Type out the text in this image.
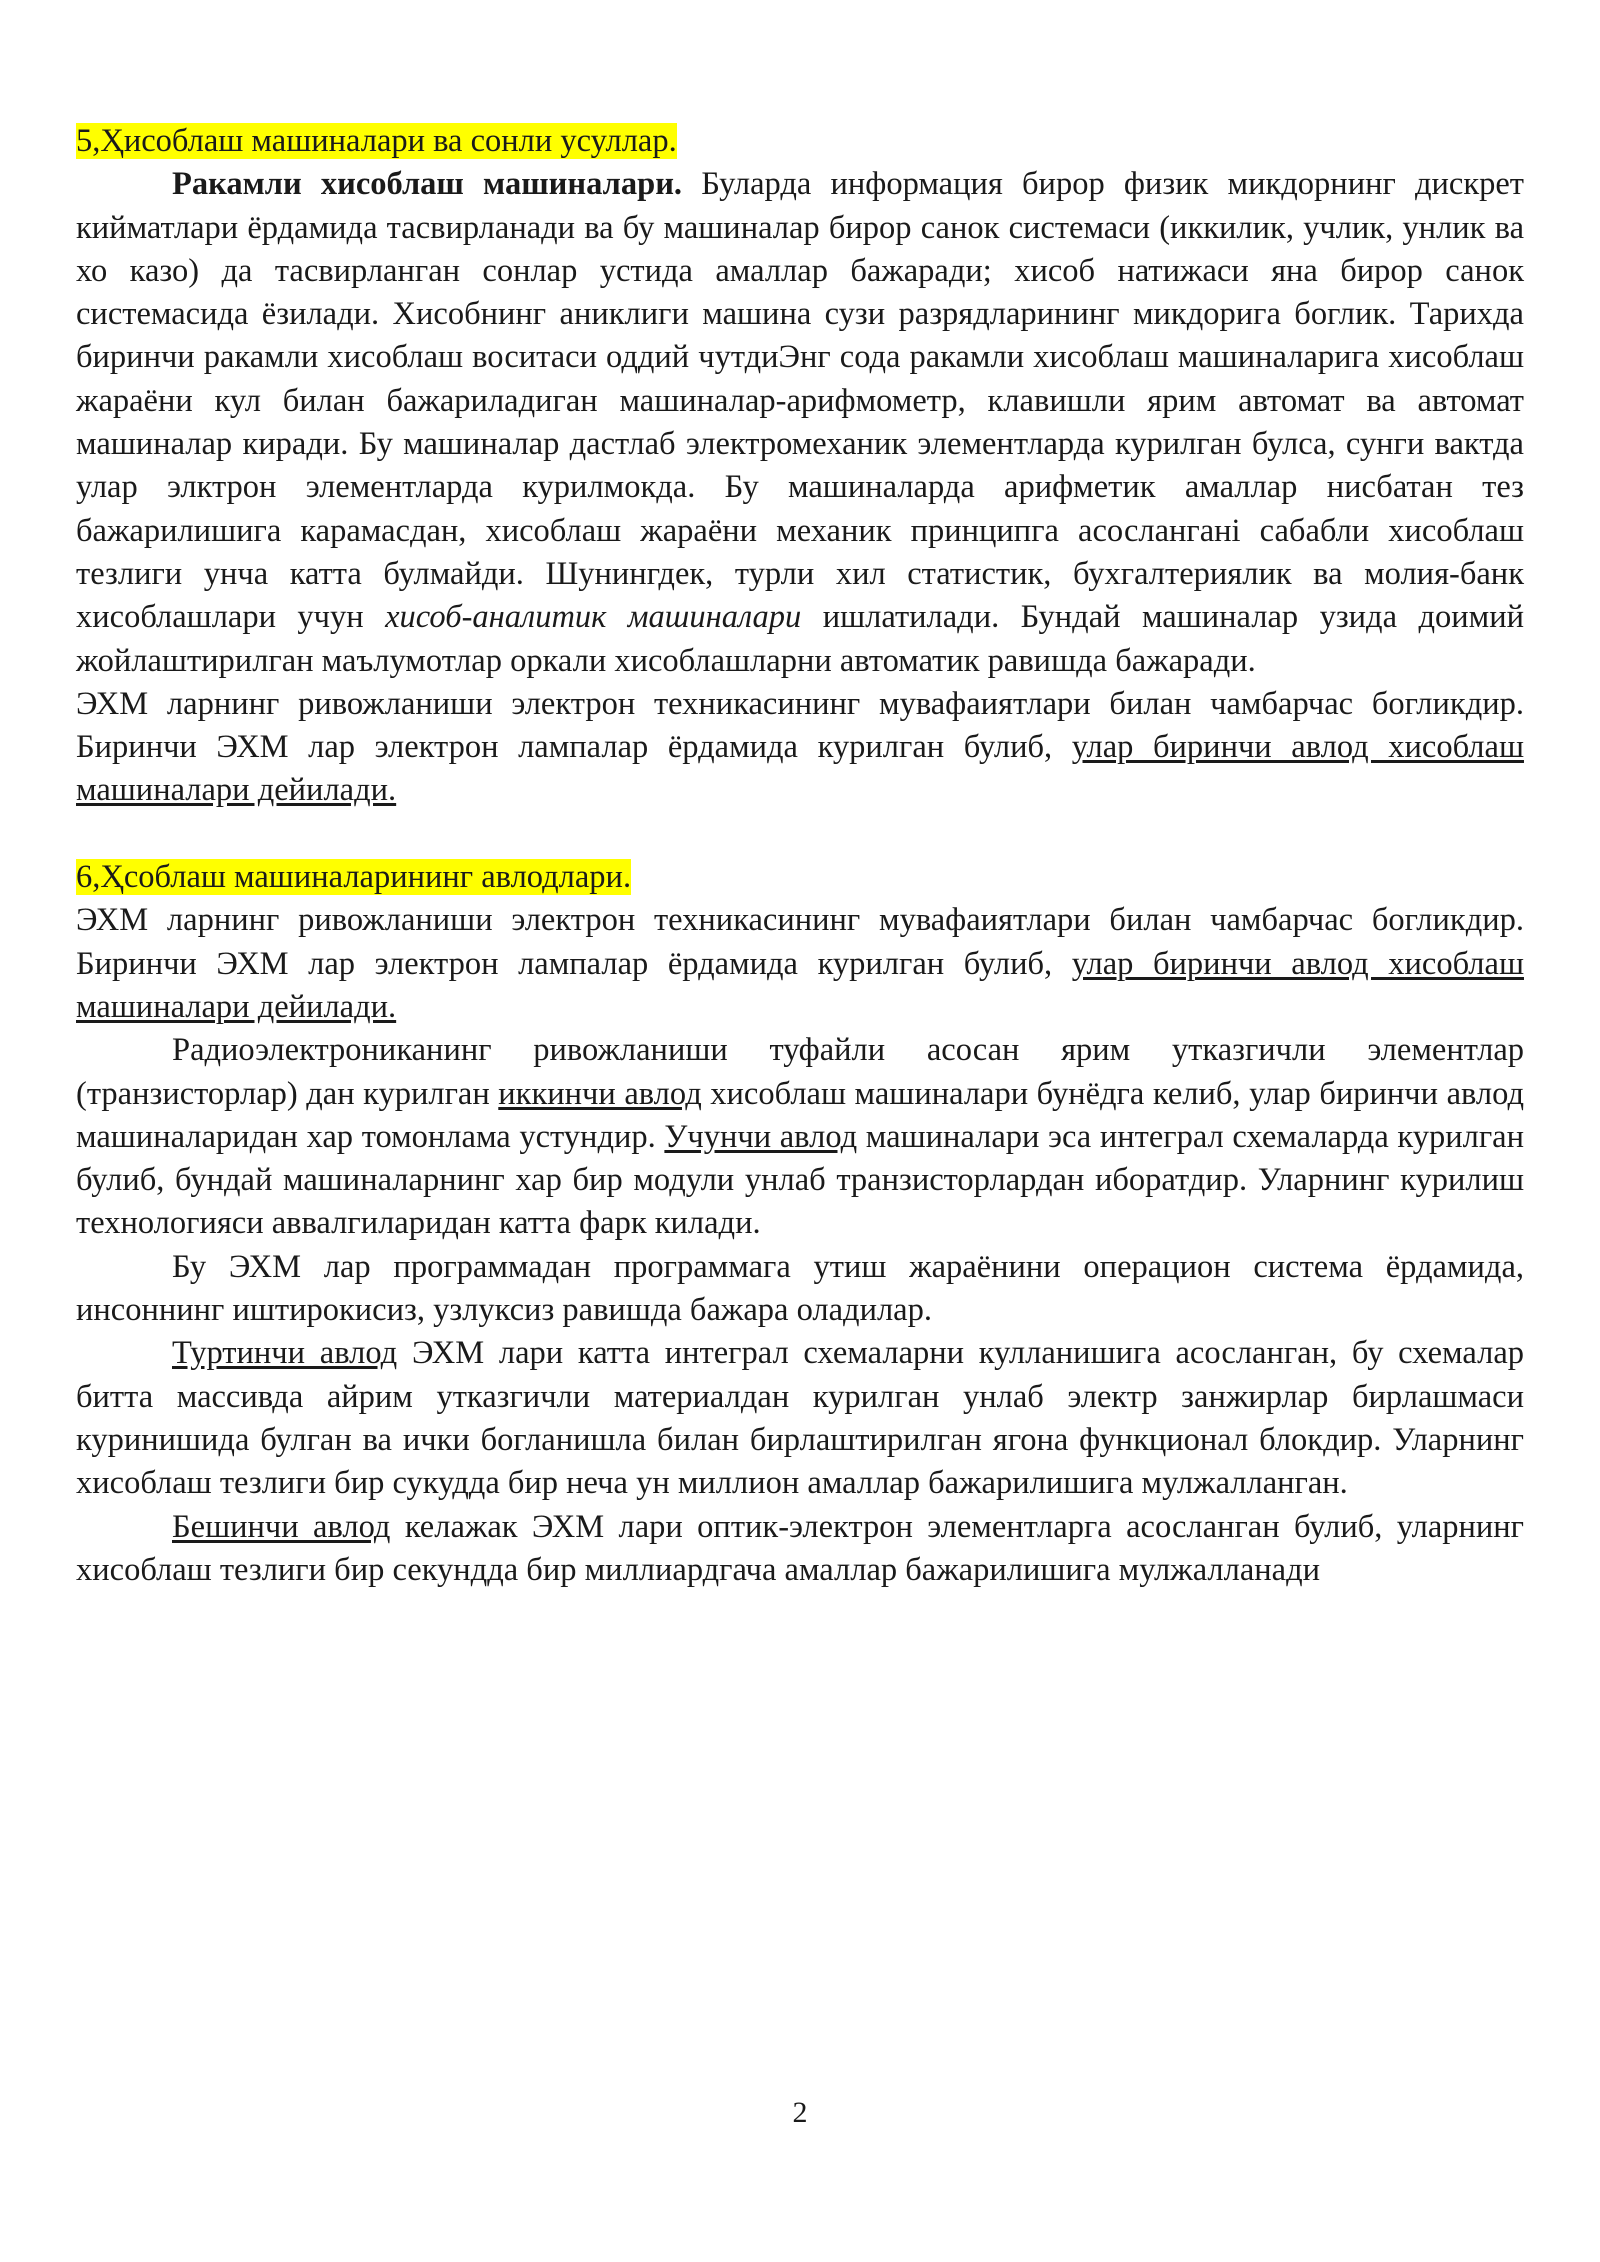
5,Ҳисоблаш машиналари ва сонли усуллар.

Ракамли хисоблаш машиналари. Буларда информация бирор физик микдорнинг дискрет кийматлари ёрдамида тасвирланади ва бу машиналар бирор санок системаси (иккилик, учлик, унлик ва хо казо) да тасвирланган сонлар устида амаллар бажаради; хисоб натижаси яна бирор санок системасида ёзилади. Хисобнинг аниклиги машина сузи разрядларининг микдорига боглик. Тарихда биринчи ракамли хисоблаш воситаси оддий чутдиЭнг сода ракамли хисоблаш машиналарига хисоблаш жараёни кул билан бажариладиган машиналар-арифмометр, клавишли ярим автомат ва автомат машиналар киради. Бу машиналар дастлаб электромеханик элементларда курилган булса, сунги вактда улар элктрон элементларда курилмокда. Бу машиналарда арифметик амаллар нисбатан тез бажарилишига карамасдан, хисоблаш жараёни механик принципга асосланганi сабабли хисоблаш тезлиги унча катта булмайди. Шунингдек, турли хил статистик, бухгалтериялик ва молия-банк хисоблашлари учун хисоб-аналитик машиналари ишлатилади. Бундай машиналар узида доимий жойлаштирилган маълумотлар оркали хисоблашларни автоматик равишда бажаради.

ЭХМ ларнинг ривожланиши электрон техникасининг мувафаиятлари билан чамбарчас богликдир. Биринчи ЭХМ лар электрон лампалар ёрдамида курилган булиб, улар биринчи авлод хисоблаш машиналари дейилади.

6,Ҳсоблаш машиналарининг авлодлари.

ЭХМ ларнинг ривожланиши электрон техникасининг мувафаиятлари билан чамбарчас богликдир. Биринчи ЭХМ лар электрон лампалар ёрдамида курилган булиб, улар биринчи авлод хисоблаш машиналари дейилади.

Радиоэлектрониканинг ривожланиши туфайли асосан ярим утказгичли элементлар (транзисторлар) дан курилган иккинчи авлод хисоблаш машиналари бунёдга келиб, улар биринчи авлод машиналаридан хар томонлама устундир. Учунчи авлод машиналари эса интеграл схемаларда курилган булиб, бундай машиналарнинг хар бир модули унлаб транзисторлардан иборатдир. Уларнинг курилиш технологияси аввалгиларидан катта фарк килади.

Бу ЭХМ лар программадан программага утиш жараёнини операцион система ёрдамида, инсоннинг иштирокисиз, узлуксиз равишда бажара оладилар.

Туртинчи авлод ЭХМ лари катта интеграл схемаларни кулланишига асосланган, бу схемалар битта массивда айрим утказгичли материалдан курилган унлаб электр занжирлар бирлашмаси куринишида булган ва ички богланишла билан бирлаштирилган ягона функционал блокдир. Уларнинг хисоблаш тезлиги бир сукудда бир неча ун миллион амаллар бажарилишига мулжалланган.

Бешинчи авлод келажак ЭХМ лари оптик-электрон элементларга асосланган булиб, уларнинг хисоблаш тезлиги бир секундда бир миллиардгача амаллар бажарилишига мулжалланади

2
